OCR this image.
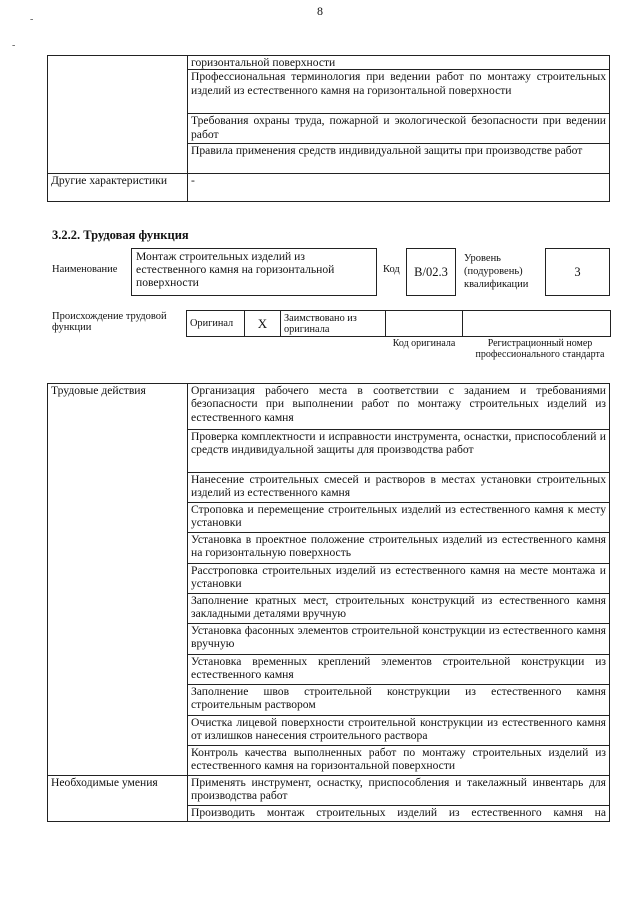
8
-
-
	горизонтальной поверхности
	Профессиональная терминология при ведении работ по монтажу строительных изделий из естественного камня на горизонтальной поверхности
	Требования охраны труда, пожарной и экологической безопасности при ведении работ
	Правила применения средств индивидуальной защиты при производстве работ
Другие характеристики	-
3.2.2. Трудовая функция
Наименование
Монтаж строительных изделий из естественного камня на горизонтальной поверхности
Код	B/02.3
Уровень (подуровень) квалификации
3
Происхождение трудовой функции	Оригинал	X	Заимствовано из оригинала		
Код оригинала	Регистрационный номер профессионального стандарта
Трудовые действия	Организация рабочего места в соответствии с заданием и требованиями безопасности при выполнении работ по монтажу строительных изделий из естественного камня
	Проверка комплектности и исправности инструмента, оснастки, приспособлений и средств индивидуальной защиты для производства работ
	Нанесение строительных смесей и растворов в местах установки строительных изделий из естественного камня
	Строповка и перемещение строительных изделий из естественного камня к месту установки
	Установка в проектное положение строительных изделий из естественного камня на горизонтальную поверхность
	Расстроповка строительных изделий из естественного камня на месте монтажа и установки
	Заполнение кратных мест, строительных конструкций из естественного камня закладными деталями вручную
	Установка фасонных элементов строительной конструкции из естественного камня вручную
	Установка временных креплений элементов строительной конструкции из естественного камня
	Заполнение швов строительной конструкции из естественного камня строительным раствором
	Очистка лицевой поверхности строительной конструкции из естественного камня от излишков нанесения строительного раствора
	Контроль качества выполненных работ по монтажу строительных изделий из естественного камня на горизонтальной поверхности
Необходимые умения	Применять инструмент, оснастку, приспособления и такелажный инвентарь для производства работ
	Производить монтаж строительных изделий из естественного камня на
